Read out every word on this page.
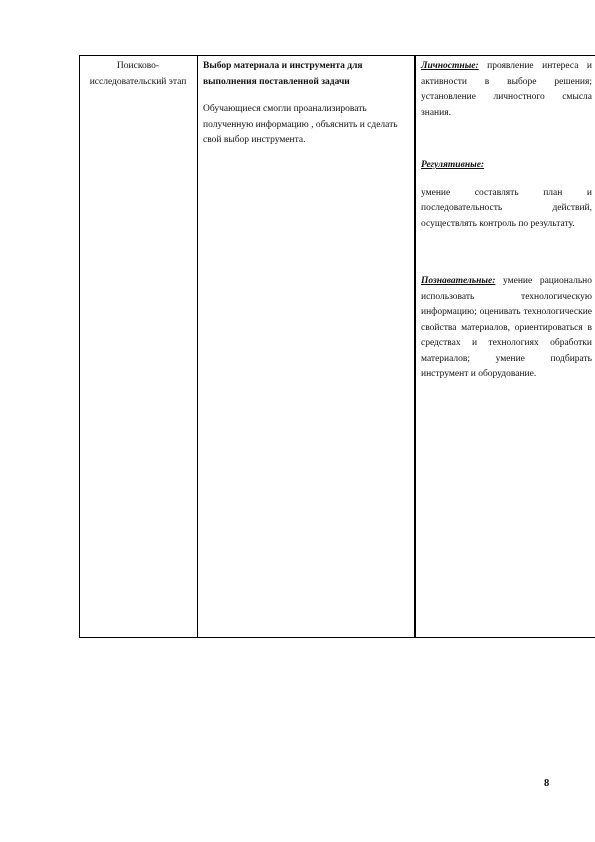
Поисково-исследовательский этап

Выбор материала и инструмента для выполнения поставленной задачи

Обучающиеся смогли проанализировать полученную информацию , объяснить и сделать свой выбор инструмента.

Личностные: проявление интереса и активности в выборе решения; установление личностного смысла знания.

Регулятивные:

умение составлять план и последовательность действий, осуществлять контроль по результату.

Познавательные: умение рационально использовать технологическую информацию; оценивать технологические свойства материалов, ориентироваться в средствах и технологиях обработки материалов; умение подбирать инструмент и оборудование.

8
